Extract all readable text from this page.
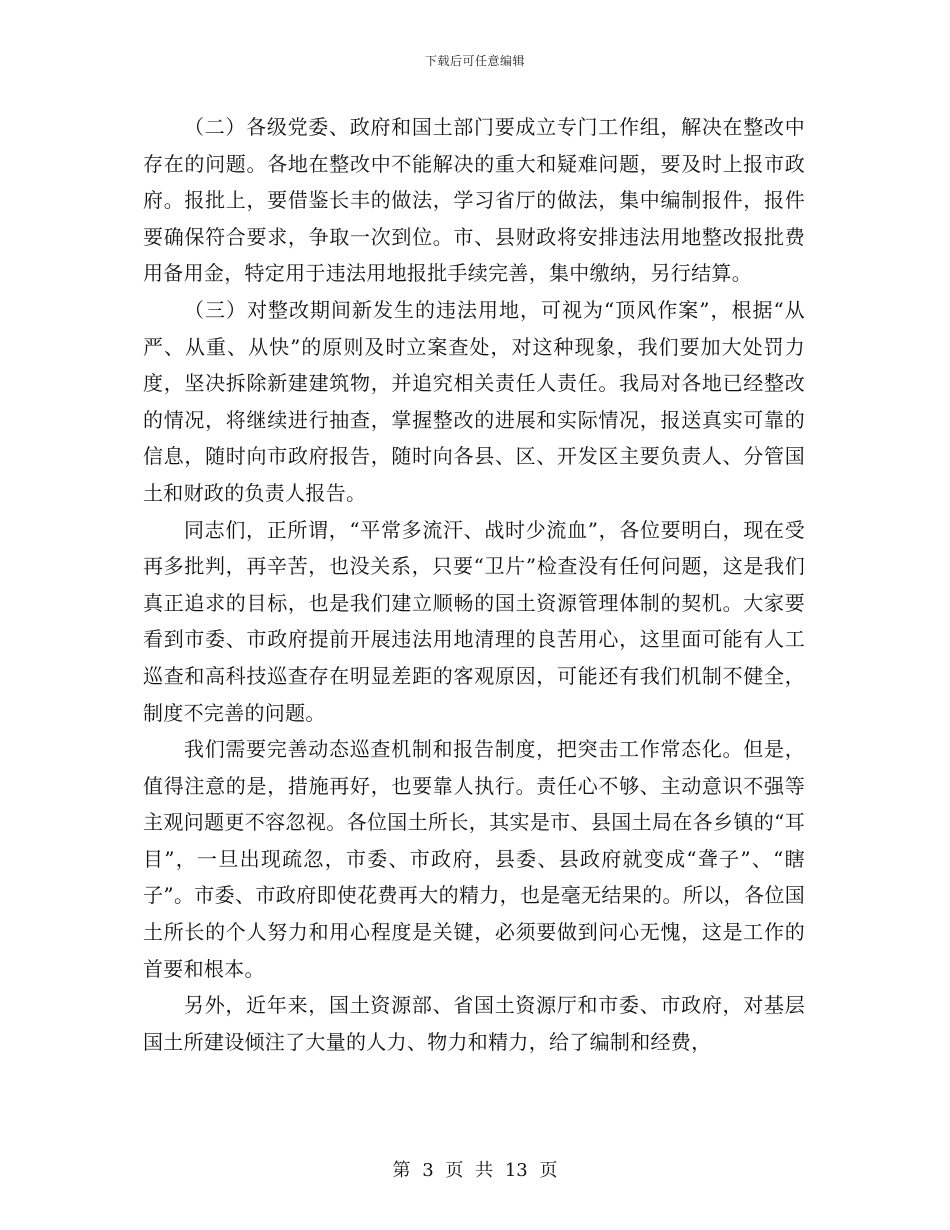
下载后可任意编辑

（二）各级党委、政府和国土部门要成立专门工作组，解决在整改中存在的问题。各地在整改中不能解决的重大和疑难问题，要及时上报市政府。报批上，要借鉴长丰的做法，学习省厅的做法，集中编制报件，报件要确保符合要求，争取一次到位。市、县财政将安排违法用地整改报批费用备用金，特定用于违法用地报批手续完善，集中缴纳，另行结算。

（三）对整改期间新发生的违法用地，可视为“顶风作案”，根据“从严、从重、从快”的原则及时立案查处，对这种现象，我们要加大处罚力度，坚决拆除新建建筑物，并追究相关责任人责任。我局对各地已经整改的情况，将继续进行抽查，掌握整改的进展和实际情况，报送真实可靠的信息，随时向市政府报告，随时向各县、区、开发区主要负责人、分管国土和财政的负责人报告。

同志们，正所谓，“平常多流汗、战时少流血”，各位要明白，现在受再多批判，再辛苦，也没关系，只要“卫片”检查没有任何问题，这是我们真正追求的目标，也是我们建立顺畅的国土资源管理体制的契机。大家要看到市委、市政府提前开展违法用地清理的良苦用心，这里面可能有人工巡查和高科技巡查存在明显差距的客观原因，可能还有我们机制不健全，制度不完善的问题。

我们需要完善动态巡查机制和报告制度，把突击工作常态化。但是，值得注意的是，措施再好，也要靠人执行。责任心不够、主动意识不强等主观问题更不容忽视。各位国土所长，其实是市、县国土局在各乡镇的“耳目”，一旦出现疏忽，市委、市政府，县委、县政府就变成“聋子”、“瞎子”。市委、市政府即使花费再大的精力，也是毫无结果的。所以，各位国土所长的个人努力和用心程度是关键，必须要做到问心无愧，这是工作的首要和根本。

另外，近年来，国土资源部、省国土资源厅和市委、市政府，对基层国土所建设倾注了大量的人力、物力和精力，给了编制和经费，

第 3 页 共 13 页
